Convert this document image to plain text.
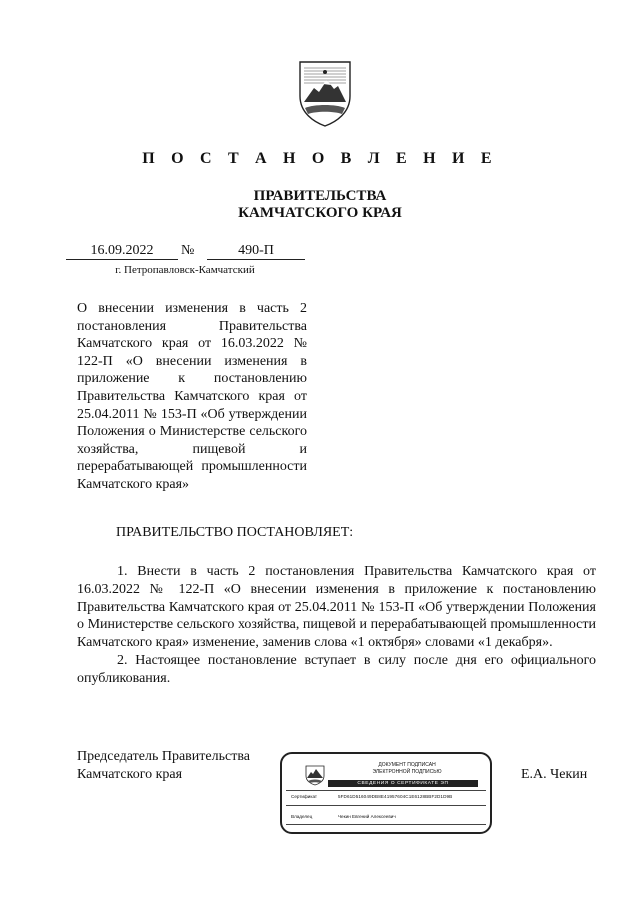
П О С Т А Н О В Л Е Н И Е
ПРАВИТЕЛЬСТВА
КАМЧАТСКОГО КРАЯ
16.09.2022	№	490-П
г. Петропавловск-Камчатский
О внесении изменения в часть 2 постановления Правительства Камчатского края от 16.03.2022 № 122-П «О внесении изменения в приложение к постановлению Правительства Камчатского края от 25.04.2011 № 153-П «Об утверждении Положения о Министерстве сельского хозяйства, пищевой и перерабатывающей промышленности Камчатского края»
ПРАВИТЕЛЬСТВО ПОСТАНОВЛЯЕТ:

1. Внести в часть 2 постановления Правительства Камчатского края от 16.03.2022 № 122-П «О внесении изменения в приложение к постановлению Правительства Камчатского края от 25.04.2011 № 153-П «Об утверждении Положения о Министерстве сельского хозяйства, пищевой и перерабатывающей промышленности Камчатского края» изменение, заменив слова «1 октября» словами «1 декабря».

2. Настоящее постановление вступает в силу после дня его официального опубликования.

Председатель Правительства
Камчатского края	Е.А. Чекин
ДОКУМЕНТ ПОДПИСАН
ЭЛЕКТРОННОЙ ПОДПИСЬЮ
СВЕДЕНИЯ О СЕРТИФИКАТЕ ЭП
Сертификат	5FD61D516049DB8E41957604C1E6128BBF2D1D9B
Владелец	Чекин Евгений Алексеевич
